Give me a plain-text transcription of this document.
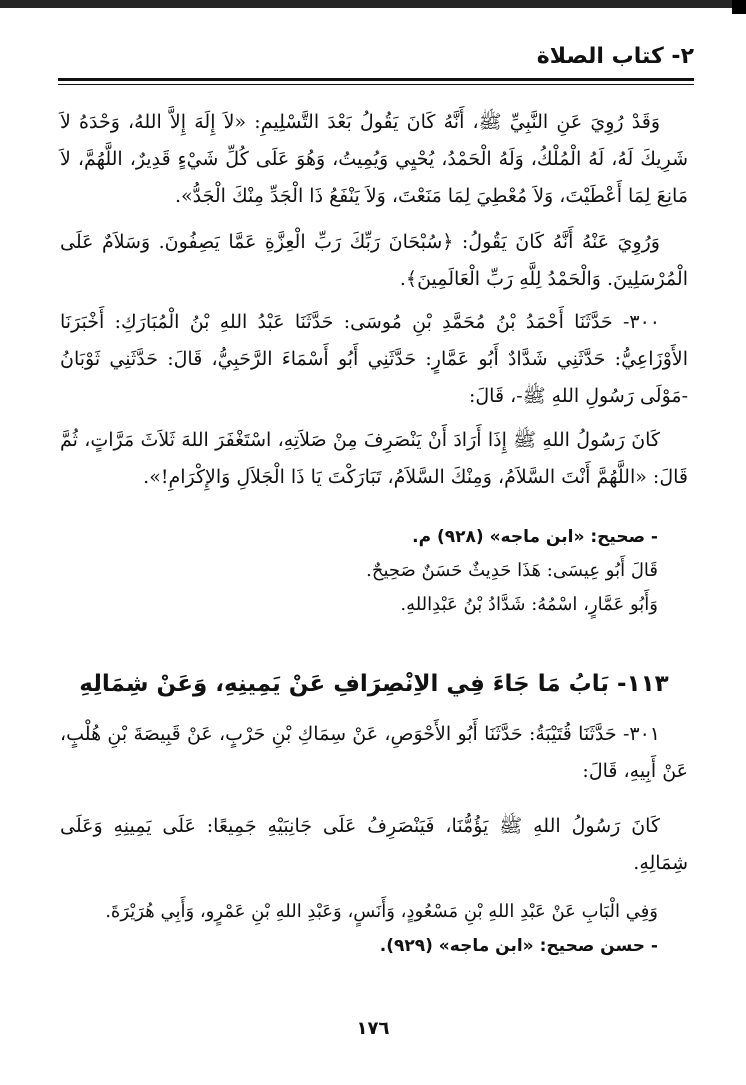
٢- كتاب الصلاة

وَقَدْ رُوِيَ عَنِ النَّبِيِّ ﷺ، أَنَّهُ كَانَ يَقُولُ بَعْدَ التَّسْلِيمِ: «لاَ إِلَهَ إِلاَّ اللهُ، وَحْدَهُ لاَ شَرِيكَ لَهُ، لَهُ الْمُلْكُ، وَلَهُ الْحَمْدُ، يُحْيِي وَيُمِيتُ، وَهُوَ عَلَى كُلِّ شَيْءٍ قَدِيرٌ، اللَّهُمَّ، لاَ مَانِعَ لِمَا أَعْطَيْتَ، وَلاَ مُعْطِيَ لِمَا مَنَعْتَ، وَلاَ يَنْفَعُ ذَا الْجَدِّ مِنْكَ الْجَدُّ».

وَرُوِيَ عَنْهُ أَنَّهُ كَانَ يَقُولُ: ﴿سُبْحَانَ رَبِّكَ رَبِّ الْعِزَّةِ عَمَّا يَصِفُونَ. وَسَلاَمٌ عَلَى الْمُرْسَلِينَ. وَالْحَمْدُ لِلَّهِ رَبِّ الْعَالَمِينَ﴾.

٣٠٠- حَدَّثَنَا أَحْمَدُ بْنُ مُحَمَّدِ بْنِ مُوسَى: حَدَّثَنَا عَبْدُ اللهِ بْنُ الْمُبَارَكِ: أَخْبَرَنَا الأَوْزَاعِيُّ: حَدَّثَنِي شَدَّادٌ أَبُو عَمَّارٍ: حَدَّثَنِي أَبُو أَسْمَاءَ الرَّحَبِيُّ، قَالَ: حَدَّثَنِي ثَوْبَانُ -مَوْلَى رَسُولِ اللهِ ﷺ-، قَالَ:

كَانَ رَسُولُ اللهِ ﷺ إِذَا أَرَادَ أَنْ يَنْصَرِفَ مِنْ صَلاَتِهِ، اسْتَغْفَرَ اللهَ ثَلاَثَ مَرَّاتٍ، ثُمَّ قَالَ: «اللَّهُمَّ أَنْتَ السَّلاَمُ، وَمِنْكَ السَّلاَمُ، تَبَارَكْتَ يَا ذَا الْجَلاَلِ وَالإِكْرَامِ!».

- صحيح: «ابن ماجه» (٩٢٨) م.

قَالَ أَبُو عِيسَى: هَذَا حَدِيثٌ حَسَنٌ صَحِيحٌ.

وَأَبُو عَمَّارٍ، اسْمُهُ: شَدَّادُ بْنُ عَبْدِاللهِ.

١١٣- بَابُ مَا جَاءَ فِي الاِنْصِرَافِ عَنْ يَمِينِهِ، وَعَنْ شِمَالِهِ

٣٠١- حَدَّثَنَا قُتَيْبَةُ: حَدَّثَنَا أَبُو الأَحْوَصِ، عَنْ سِمَاكِ بْنِ حَرْبٍ، عَنْ قَبِيصَةَ بْنِ هُلْبٍ، عَنْ أَبِيهِ، قَالَ:

كَانَ رَسُولُ اللهِ ﷺ يَؤُمُّنَا، فَيَنْصَرِفُ عَلَى جَانِبَيْهِ جَمِيعًا: عَلَى يَمِينِهِ وَعَلَى شِمَالِهِ.

وَفِي الْبَابِ عَنْ عَبْدِ اللهِ بْنِ مَسْعُودٍ، وَأَنَسٍ، وَعَبْدِ اللهِ بْنِ عَمْرٍو، وَأَبِي هُرَيْرَةَ.

- حسن صحيح: «ابن ماجه» (٩٢٩).

١٧٦
